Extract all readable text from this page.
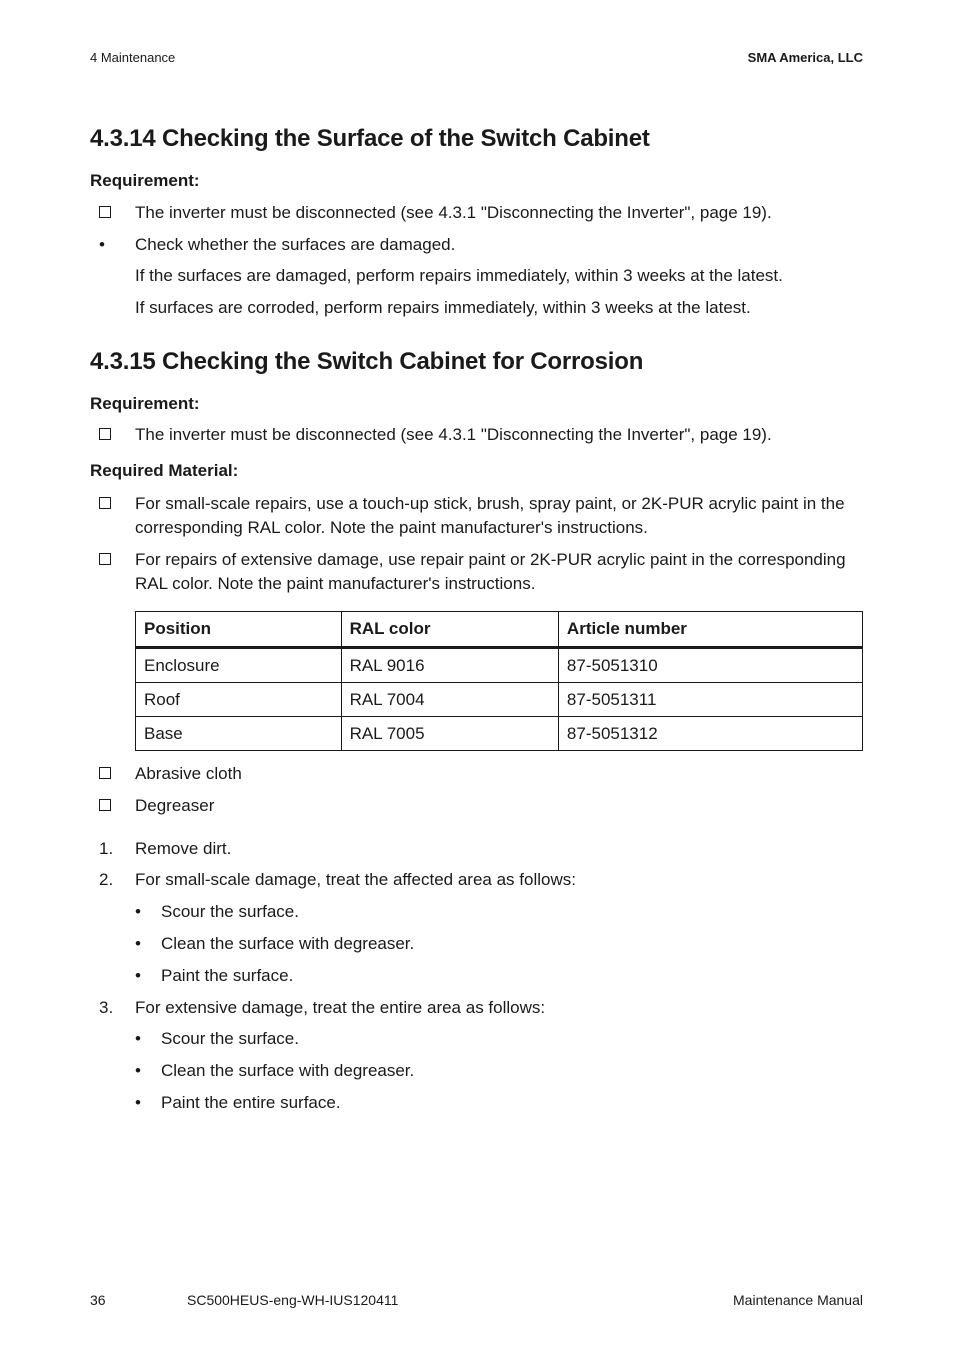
4 Maintenance	SMA America, LLC
4.3.14 Checking the Surface of the Switch Cabinet
Requirement:
The inverter must be disconnected (see 4.3.1 "Disconnecting the Inverter", page 19).
•	Check whether the surfaces are damaged.
If the surfaces are damaged, perform repairs immediately, within 3 weeks at the latest.
If surfaces are corroded, perform repairs immediately, within 3 weeks at the latest.
4.3.15 Checking the Switch Cabinet for Corrosion
Requirement:
The inverter must be disconnected (see 4.3.1 "Disconnecting the Inverter", page 19).
Required Material:
For small-scale repairs, use a touch-up stick, brush, spray paint, or 2K-PUR acrylic paint in the corresponding RAL color. Note the paint manufacturer's instructions.
For repairs of extensive damage, use repair paint or 2K-PUR acrylic paint in the corresponding RAL color. Note the paint manufacturer's instructions.
Position	RAL color	Article number
Enclosure	RAL 9016	87-5051310
Roof	RAL 7004	87-5051311
Base	RAL 7005	87-5051312
Abrasive cloth
Degreaser
1.	Remove dirt.
2.	For small-scale damage, treat the affected area as follows:
•	Scour the surface.
•	Clean the surface with degreaser.
•	Paint the surface.
3.	For extensive damage, treat the entire area as follows:
•	Scour the surface.
•	Clean the surface with degreaser.
•	Paint the entire surface.
36	SC500HEUS-eng-WH-IUS120411	Maintenance Manual
